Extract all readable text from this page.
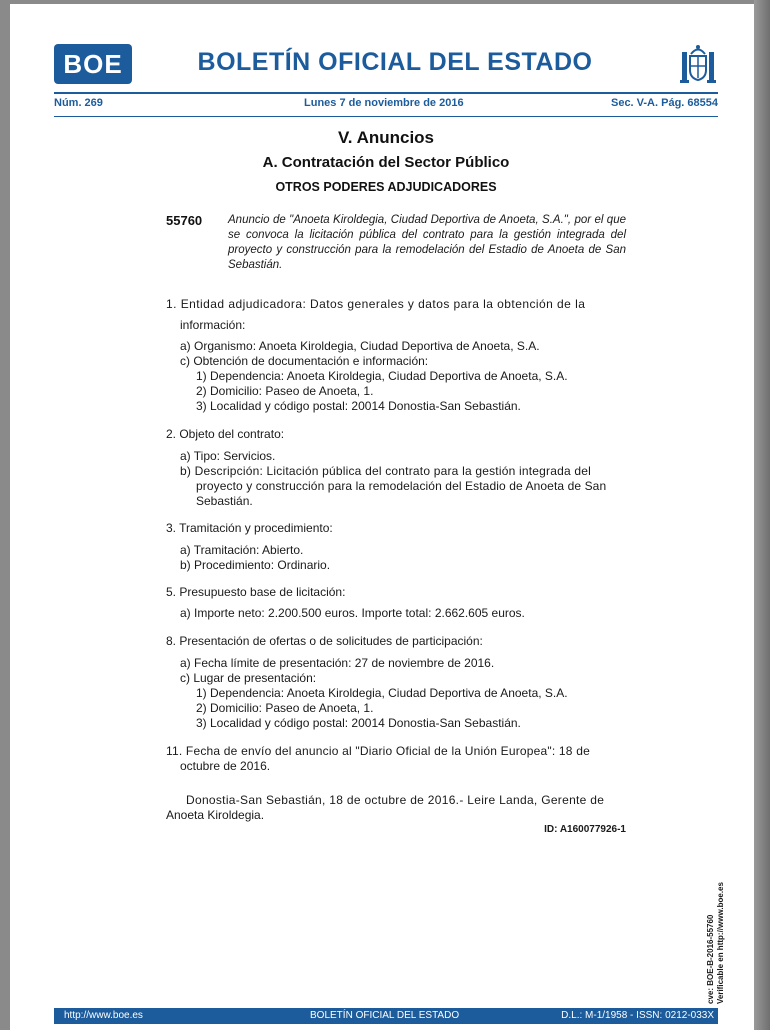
BOE	BOLETÍN OFICIAL DEL ESTADO
Núm. 269	Lunes 7 de noviembre de 2016	Sec. V-A. Pág. 68554
V. Anuncios
A. Contratación del Sector Público
OTROS PODERES ADJUDICADORES
55760 Anuncio de "Anoeta Kiroldegia, Ciudad Deportiva de Anoeta, S.A.", por el que se convoca la licitación pública del contrato para la gestión integrada del proyecto y construcción para la remodelación del Estadio de Anoeta de San Sebastián.
1. Entidad adjudicadora: Datos generales y datos para la obtención de la
información:
a) Organismo: Anoeta Kiroldegia, Ciudad Deportiva de Anoeta, S.A.
c) Obtención de documentación e información:
1) Dependencia: Anoeta Kiroldegia, Ciudad Deportiva de Anoeta, S.A.
2) Domicilio: Paseo de Anoeta, 1.
3) Localidad y código postal: 20014 Donostia-San Sebastián.
2. Objeto del contrato:
a) Tipo: Servicios.
b) Descripción: Licitación pública del contrato para la gestión integrada del
proyecto y construcción para la remodelación del Estadio de Anoeta de San
Sebastián.
3. Tramitación y procedimiento:
a) Tramitación: Abierto.
b) Procedimiento: Ordinario.
5. Presupuesto base de licitación:
a) Importe neto: 2.200.500 euros. Importe total: 2.662.605 euros.
8. Presentación de ofertas o de solicitudes de participación:
a) Fecha límite de presentación: 27 de noviembre de 2016.
c) Lugar de presentación:
1) Dependencia: Anoeta Kiroldegia, Ciudad Deportiva de Anoeta, S.A.
2) Domicilio: Paseo de Anoeta, 1.
3) Localidad y código postal: 20014 Donostia-San Sebastián.
11. Fecha de envío del anuncio al "Diario Oficial de la Unión Europea": 18 de
octubre de 2016.
Donostia-San Sebastián, 18 de octubre de 2016.- Leire Landa, Gerente de
Anoeta Kiroldegia.
ID: A160077926-1
cve: BOE-B-2016-55760 Verificable en http://www.boe.es
http://www.boe.es	BOLETÍN OFICIAL DEL ESTADO	D.L.: M-1/1958 - ISSN: 0212-033X
